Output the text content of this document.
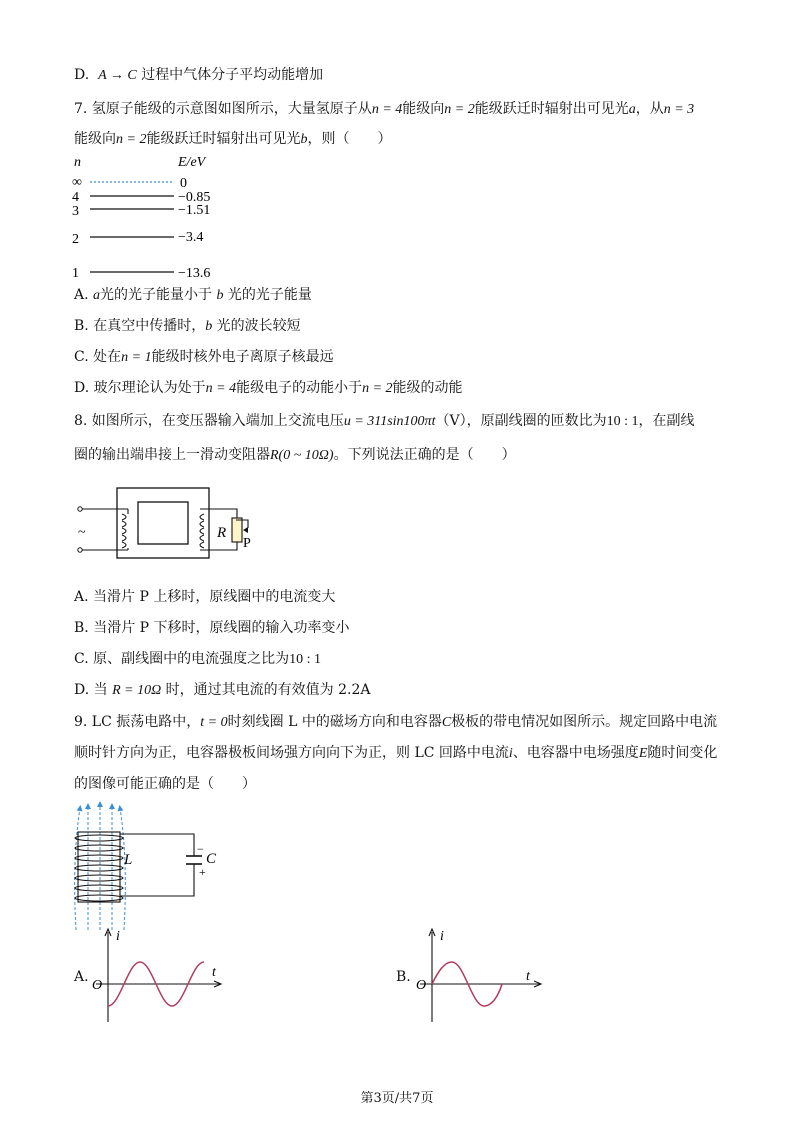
D. A → C 过程中气体分子平均动能增加
7. 氢原子能级的示意图如图所示，大量氢原子从n = 4能级向n = 2能级跃迁时辐射出可见光a，从n = 3
能级向n = 2能级跃迁时辐射出可见光b，则（　　）
n	E/eV
∞	0
4	−0.85
3	−1.51
2	−3.4
1	−13.6
A. a光的光子能量小于 b 光的光子能量
B. 在真空中传播时，b 光的波长较短
C. 处在n = 1能级时核外电子离原子核最远
D. 玻尔理论认为处于n = 4能级电子的动能小于n = 2能级的动能
8. 如图所示，在变压器输入端加上交流电压u = 311sin100πt（V），原副线圈的匝数比为10 : 1，在副线
圈的输出端串接上一滑动变阻器R(0 ~ 10Ω)。下列说法正确的是（　　）
~	R
P
A. 当滑片 P 上移时，原线圈中的电流变大
B. 当滑片 P 下移时，原线圈的输入功率变小
C. 原、副线圈中的电流强度之比为10 : 1
D. 当 R = 10Ω 时，通过其电流的有效值为 2.2A
9. LC 振荡电路中，t = 0时刻线圈 L 中的磁场方向和电容器C极板的带电情况如图所示。规定回路中电流
顺时针方向为正，电容器极板间场强方向向下为正，则 LC 回路中电流i、电容器中电场强度E随时间变化
的图像可能正确的是（　　）
L
−
C
+
A.
i
t
O
B.
i
t
O
第3页/共7页
